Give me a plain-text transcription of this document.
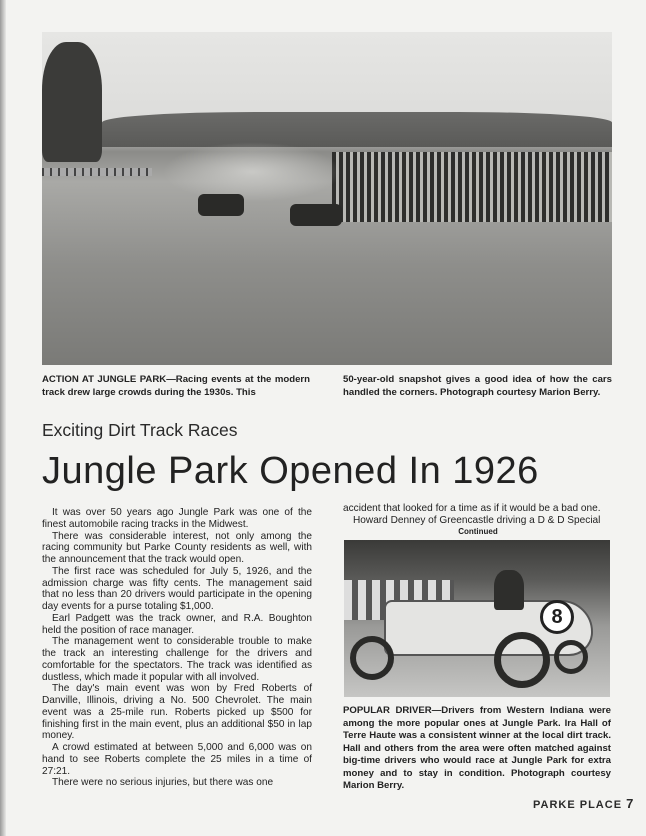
ACTION AT JUNGLE PARK—Racing events at the modern track drew large crowds during the 1930s. This
50-year-old snapshot gives a good idea of how the cars handled the corners. Photograph courtesy Marion Berry.
Exciting Dirt Track Races
Jungle Park Opened In 1926

It was over 50 years ago Jungle Park was one of the finest automobile racing tracks in the Midwest.

There was considerable interest, not only among the racing community but Parke County residents as well, with the announcement that the track would open.

The first race was scheduled for July 5, 1926, and the admission charge was fifty cents. The management said that no less than 20 drivers would participate in the opening day events for a purse totaling $1,000.

Earl Padgett was the track owner, and R.A. Boughton held the position of race manager.

The management went to considerable trouble to make the track an interesting challenge for the drivers and comfortable for the spectators. The track was identified as dustless, which made it popular with all involved.

The day's main event was won by Fred Roberts of Danville, Illinois, driving a No. 500 Chevrolet. The main event was a 25-mile run. Roberts picked up $500 for finishing first in the main event, plus an additional $50 in lap money.

A crowd estimated at between 5,000 and 6,000 was on hand to see Roberts complete the 25 miles in a time of 27:21.

There were no serious injuries, but there was one

accident that looked for a time as if it would be a bad one.

Howard Denney of Greencastle driving a D & D Special

Continued
8
POPULAR DRIVER—Drivers from Western Indiana were among the more popular ones at Jungle Park. Ira Hall of Terre Haute was a consistent winner at the local dirt track. Hall and others from the area were often matched against big-time drivers who would race at Jungle Park for extra money and to stay in condition. Photograph courtesy Marion Berry.
PARKE PLACE 7
